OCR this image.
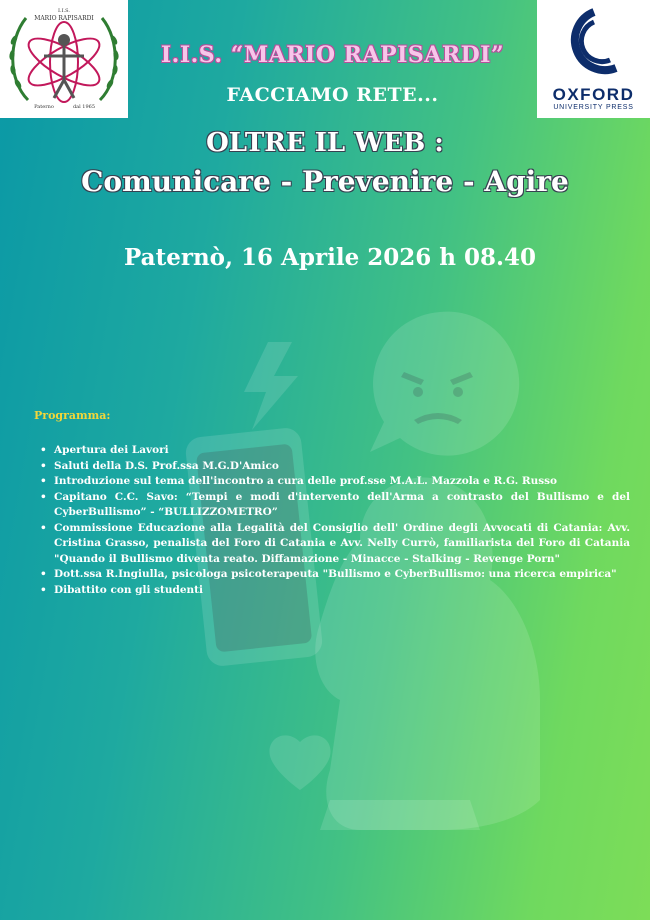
I.I.S.
MARIO RAPISARDI
Paterno	dal 1965
OXFORD
UNIVERSITY PRESS
I.I.S. “MARIO RAPISARDI”
FACCIAMO RETE...
OLTRE IL WEB :
Comunicare - Prevenire - Agire
Paternò, 16 Aprile 2026 h 08.40
Programma:
• Apertura dei Lavori
• Saluti della D.S. Prof.ssa M.G.D'Amico
• Introduzione sul tema dell'incontro a cura delle prof.sse M.A.L. Mazzola e R.G. Russo
• Capitano C.C. Savo: “Tempi e modi d'intervento dell'Arma a contrasto del Bullismo e del CyberBullismo” - “BULLIZZOMETRO”
• Commissione Educazione alla Legalità del Consiglio dell' Ordine degli Avvocati di Catania: Avv. Cristina Grasso, penalista del Foro di Catania e Avv. Nelly Currò, familiarista del Foro di Catania "Quando il Bullismo diventa reato. Diffamazione - Minacce - Stalking - Revenge Porn"
• Dott.ssa R.Ingiulla, psicologa psicoterapeuta "Bullismo e CyberBullismo: una ricerca empirica"
• Dibattito con gli studenti
